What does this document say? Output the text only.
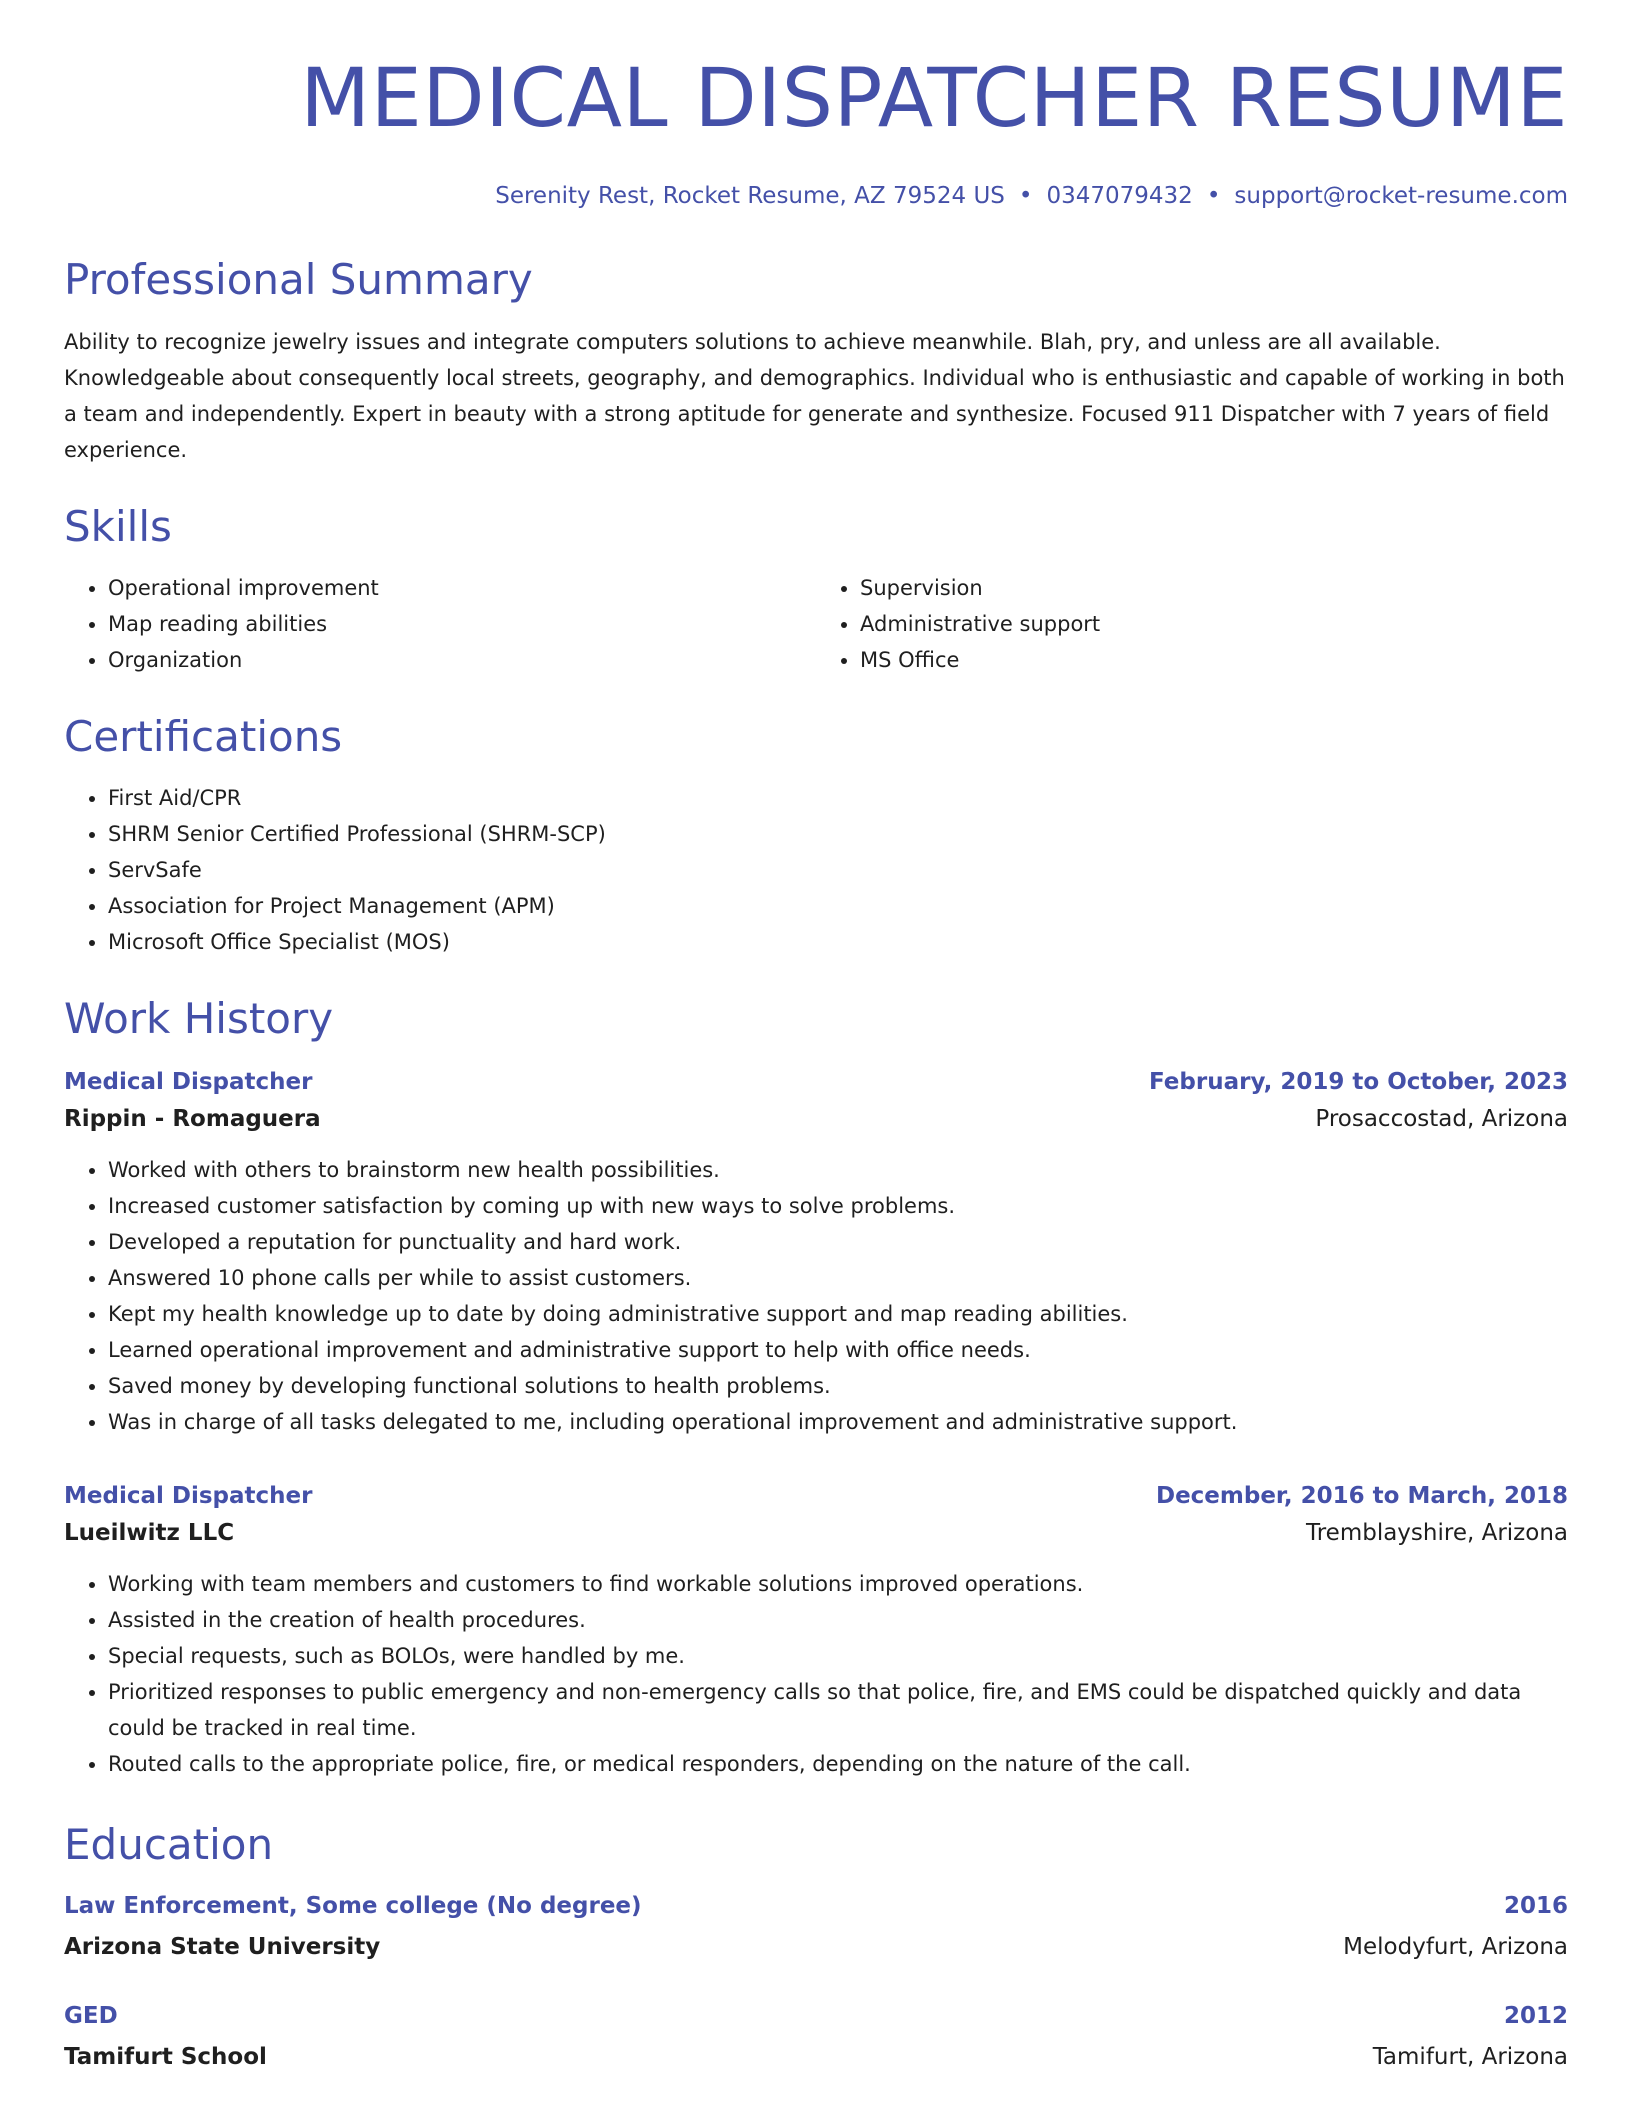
MEDICAL DISPATCHER RESUME
Serenity Rest, Rocket Resume, AZ 79524 US • 0347079432 • support@rocket-resume.com
Professional Summary

Ability to recognize jewelry issues and integrate computers solutions to achieve meanwhile. Blah, pry, and unless are all available. Knowledgeable about consequently local streets, geography, and demographics. Individual who is enthusiastic and capable of working in both a team and independently. Expert in beauty with a strong aptitude for generate and synthesize. Focused 911 Dispatcher with 7 years of field experience.

Skills
• Operational improvement
• Map reading abilities
• Organization
• Supervision
• Administrative support
• MS Office
Certifications
• First Aid/CPR
• SHRM Senior Certified Professional (SHRM-SCP)
• ServSafe
• Association for Project Management (APM)
• Microsoft Office Specialist (MOS)
Work History
Medical Dispatcher	February, 2019 to October, 2023
Rippin - Romaguera	Prosaccostad, Arizona
• Worked with others to brainstorm new health possibilities.
• Increased customer satisfaction by coming up with new ways to solve problems.
• Developed a reputation for punctuality and hard work.
• Answered 10 phone calls per while to assist customers.
• Kept my health knowledge up to date by doing administrative support and map reading abilities.
• Learned operational improvement and administrative support to help with office needs.
• Saved money by developing functional solutions to health problems.
• Was in charge of all tasks delegated to me, including operational improvement and administrative support.
Medical Dispatcher	December, 2016 to March, 2018
Lueilwitz LLC	Tremblayshire, Arizona
• Working with team members and customers to find workable solutions improved operations.
• Assisted in the creation of health procedures.
• Special requests, such as BOLOs, were handled by me.
• Prioritized responses to public emergency and non-emergency calls so that police, fire, and EMS could be dispatched quickly and data could be tracked in real time.
• Routed calls to the appropriate police, fire, or medical responders, depending on the nature of the call.
Education
Law Enforcement, Some college (No degree)	2016
Arizona State University	Melodyfurt, Arizona
GED	2012
Tamifurt School	Tamifurt, Arizona
